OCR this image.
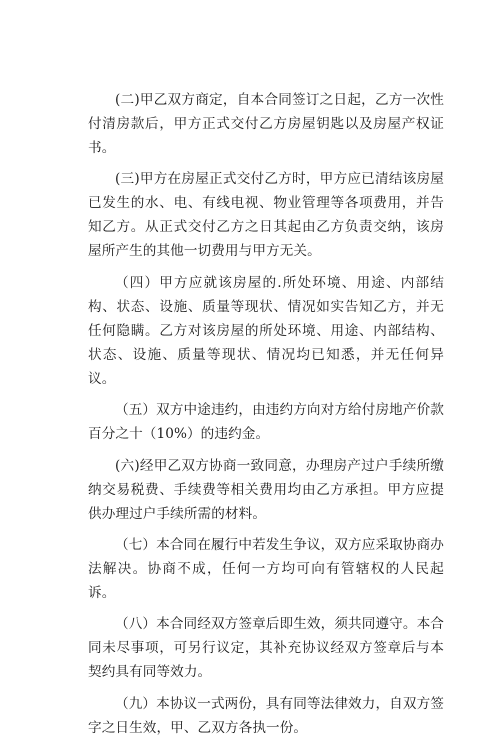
(二)甲乙双方商定，自本合同签订之日起，乙方一次性付清房款后，甲方正式交付乙方房屋钥匙以及房屋产权证书。

(三)甲方在房屋正式交付乙方时，甲方应已清结该房屋已发生的水、电、有线电视、物业管理等各项费用，并告知乙方。从正式交付乙方之日其起由乙方负责交纳，该房屋所产生的其他一切费用与甲方无关。

（四）甲方应就该房屋的.所处环境、用途、内部结构、状态、设施、质量等现状、情况如实告知乙方，并无任何隐瞒。乙方对该房屋的所处环境、用途、内部结构、状态、设施、质量等现状、情况均已知悉，并无任何异议。

（五）双方中途违约，由违约方向对方给付房地产价款百分之十（10%）的违约金。

(六)经甲乙双方协商一致同意，办理房产过户手续所缴纳交易税费、手续费等相关费用均由乙方承担。甲方应提供办理过户手续所需的材料。

（七）本合同在履行中若发生争议，双方应采取协商办法解决。协商不成，任何一方均可向有管辖权的人民起诉。

（八）本合同经双方签章后即生效，须共同遵守。本合同未尽事项，可另行议定，其补充协议经双方签章后与本契约具有同等效力。

（九）本协议一式两份，具有同等法律效力，自双方签字之日生效，甲、乙双方各执一份。
